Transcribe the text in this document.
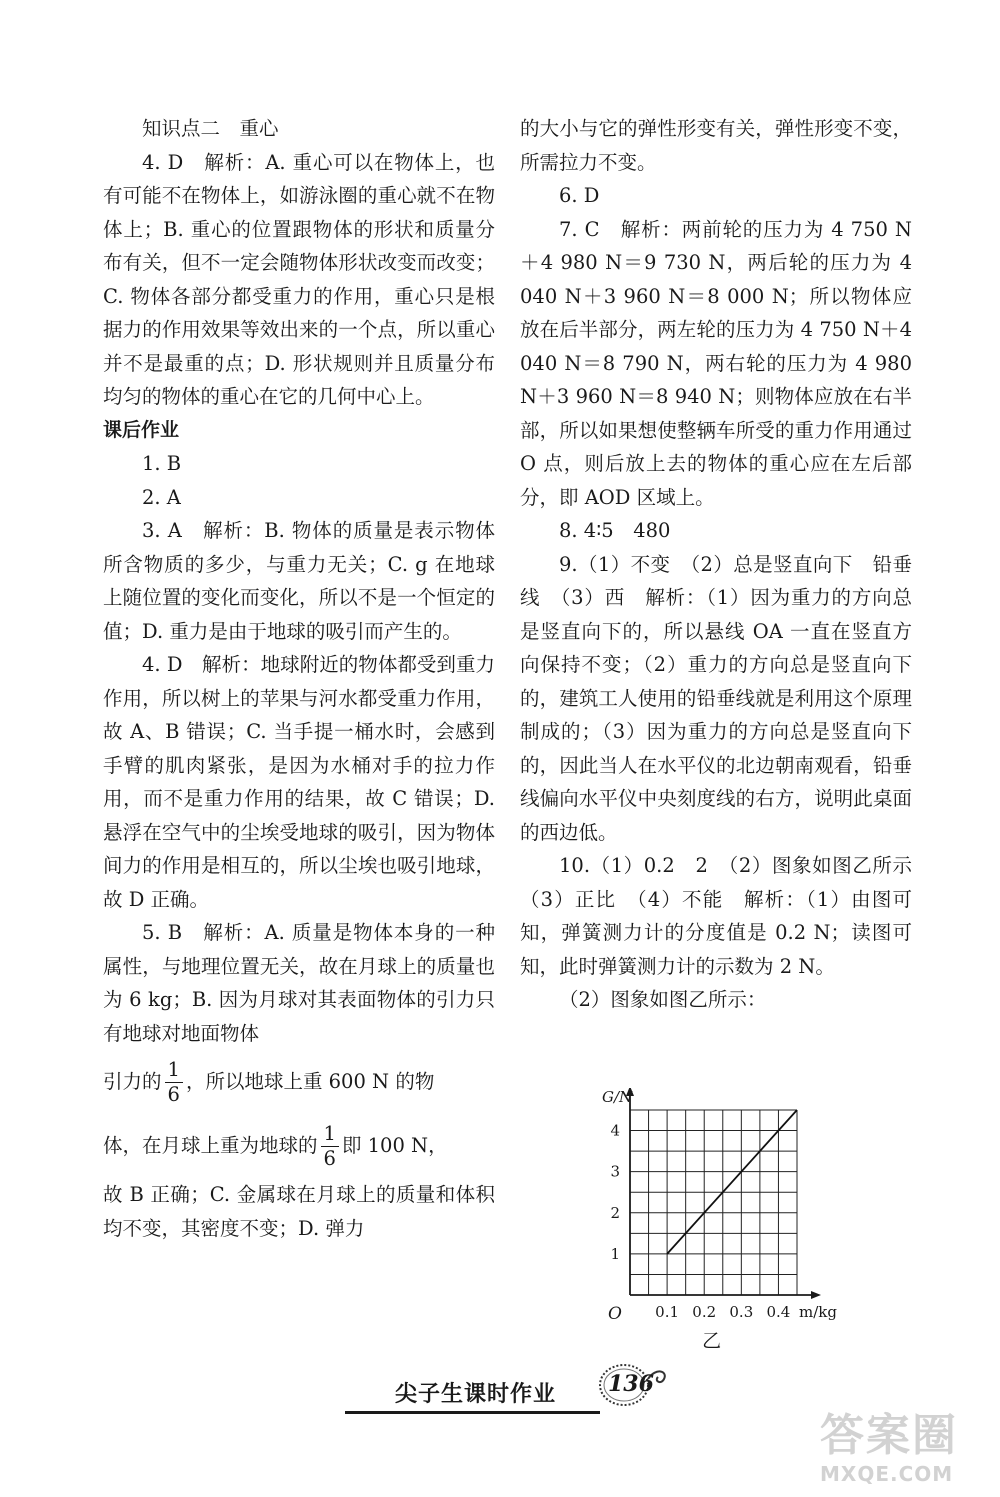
知识点二　重心

4. D　解析：A. 重心可以在物体上，也有可能不在物体上，如游泳圈的重心就不在物体上；B. 重心的位置跟物体的形状和质量分布有关，但不一定会随物体形状改变而改变；C. 物体各部分都受重力的作用，重心只是根据力的作用效果等效出来的一个点，所以重心并不是最重的点；D. 形状规则并且质量分布均匀的物体的重心在它的几何中心上。

课后作业

1. B

2. A

3. A　解析：B. 物体的质量是表示物体所含物质的多少，与重力无关；C. g 在地球上随位置的变化而变化，所以不是一个恒定的值；D. 重力是由于地球的吸引而产生的。

4. D　解析：地球附近的物体都受到重力作用，所以树上的苹果与河水都受重力作用，故 A、B 错误；C. 当手提一桶水时，会感到手臂的肌肉紧张，是因为水桶对手的拉力作用，而不是重力作用的结果，故 C 错误；D. 悬浮在空气中的尘埃受地球的吸引，因为物体间力的作用是相互的，所以尘埃也吸引地球，故 D 正确。

5. B　解析：A. 质量是物体本身的一种属性，与地理位置无关，故在月球上的质量也为 6 kg；B. 因为月球对其表面物体的引力只有地球对地面物体

引力的 $\frac{1}{6}$ ，所以地球上重 600 N 的物

体，在月球上重为地球的 $\frac{1}{6}$ 即 100 N，

故 B 正确；C. 金属球在月球上的质量和体积均不变，其密度不变；D. 弹力

的大小与它的弹性形变有关，弹性形变不变，所需拉力不变。

6. D

7. C　解析：两前轮的压力为 4 750 N＋4 980 N＝9 730 N，两后轮的压力为 4 040 N＋3 960 N＝8 000 N；所以物体应放在后半部分，两左轮的压力为 4 750 N＋4 040 N＝8 790 N，两右轮的压力为 4 980 N＋3 960 N＝8 940 N；则物体应放在右半部，所以如果想使整辆车所受的重力作用通过 O 点，则后放上去的物体的重心应在左后部分，即 AOD 区域上。

8. 4∶5　480

9.（1）不变　（2）总是竖直向下　铅垂线　（3）西　解析：（1）因为重力的方向总是竖直向下的，所以悬线 OA 一直在竖直方向保持不变；（2）重力的方向总是竖直向下的，建筑工人使用的铅垂线就是利用这个原理制成的；（3）因为重力的方向总是竖直向下的，因此当人在水平仪的北边朝南观看，铅垂线偏向水平仪中央刻度线的右方，说明此桌面的西边低。

10.（1）0.2　2　（2）图象如图乙所示　（3）正比　（4）不能　解析：（1）由图可知，弹簧测力计的分度值是 0.2 N；读图可知，此时弹簧测力计的示数为 2 N。

（2）图象如图乙所示：

0.1 0.2 0.3 0.4
1
2
3
4
O
G/N
m/kg
乙
尖子生课时作业 136
答案圈
MXQE.COM
